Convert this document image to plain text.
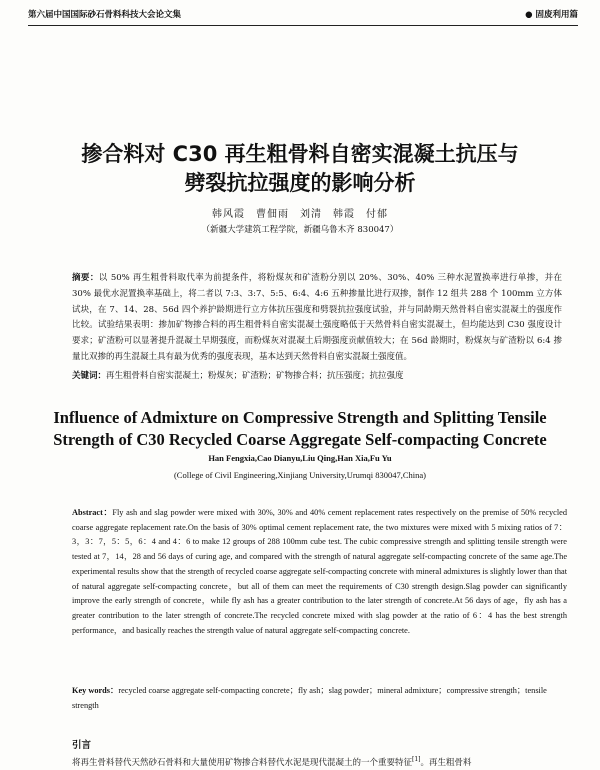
第六届中国国际砂石骨料科技大会论文集	● 固废利用篇
掺合料对 C30 再生粗骨料自密实混凝土抗压与
劈裂抗拉强度的影响分析
韩风霞　曹佃雨　刘清　韩霞　付郁
（新疆大学建筑工程学院，新疆乌鲁木齐 830047）
摘要：以 50% 再生粗骨料取代率为前提条件，将粉煤灰和矿渣粉分别以 20%、30%、40% 三种水泥置换率进行单掺，并在 30% 最优水泥置换率基础上，将二者以 7:3、3:7、5:5、6:4、4:6 五种掺量比进行双掺，制作 12 组共 288 个 100mm 立方体试块，在 7、14、28、56d 四个养护龄期进行立方体抗压强度和劈裂抗拉强度试验，并与同龄期天然骨料自密实混凝土的强度作比较。试验结果表明：掺加矿物掺合料的再生粗骨料自密实混凝土强度略低于天然骨料自密实混凝土，但均能达到 C30 强度设计要求；矿渣粉可以显著提升混凝土早期强度，而粉煤灰对混凝土后期强度贡献值较大；在 56d 龄期时，粉煤灰与矿渣粉以 6:4 掺量比双掺的再生混凝土具有最为优秀的强度表现，基本达到天然骨料自密实混凝土强度值。
关键词：再生粗骨料自密实混凝土；粉煤灰；矿渣粉；矿物掺合料；抗压强度；抗拉强度
Influence of Admixture on Compressive Strength and Splitting Tensile
Strength of C30 Recycled Coarse Aggregate Self-compacting Concrete
Han Fengxia,Cao Dianyu,Liu Qing,Han Xia,Fu Yu
(College of Civil Engineering,Xinjiang University,Urumqi 830047,China)
Abstract：Fly ash and slag powder were mixed with 30%, 30% and 40% cement replacement rates respectively on the premise of 50% recycled coarse aggregate replacement rate.On the basis of 30% optimal cement replacement rate, the two mixtures were mixed with 5 mixing ratios of 7：3，3：7，5：5，6：4 and 4：6 to make 12 groups of 288 100mm cube test. The cubic compressive strength and splitting tensile strength were tested at 7，14，28 and 56 days of curing age, and compared with the strength of natural aggregate self-compacting concrete of the same age.The experimental results show that the strength of recycled coarse aggregate self-compacting concrete with mineral admixtures is slightly lower than that of natural aggregate self-compacting concrete，but all of them can meet the requirements of C30 strength design.Slag powder can significantly improve the early strength of concrete，while fly ash has a greater contribution to the later strength of concrete.At 56 days of age，fly ash has a greater contribution to the later strength of concrete.The recycled concrete mixed with slag powder at the ratio of 6：4 has the best strength performance，and basically reaches the strength value of natural aggregate self-compacting concrete.
Key words：recycled coarse aggregate self-compacting concrete；fly ash；slag powder；mineral admixture；compressive strength；tensile strength
引言
将再生骨料替代天然砂石骨料和大量使用矿物掺合料替代水泥是现代混凝土的一个重要特征[1]。再生粗骨料
